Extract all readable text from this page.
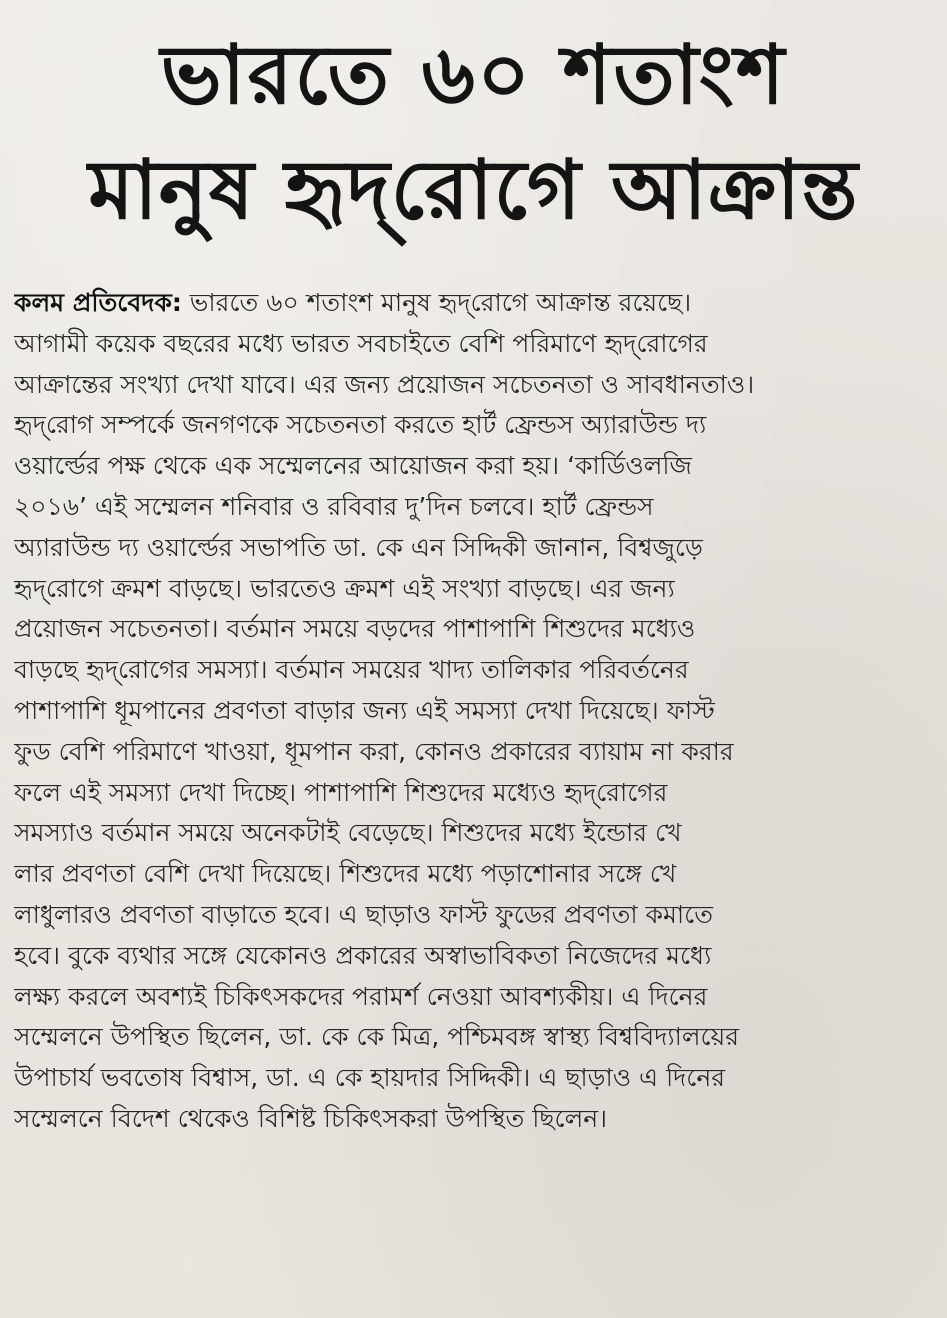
ভারতে ৬০ শতাংশ
মানুষ হৃদ্‌রোগে আক্রান্ত
কলম প্রতিবেদক: ভারতে ৬০ শতাংশ মানুষ হৃদ্‌রোগে আক্রান্ত রয়েছে।
আগামী কয়েক বছরের মধ্যে ভারত সবচাইতে বেশি পরিমাণে হৃদ্‌রোগের
আক্রান্তের সংখ্যা দেখা যাবে। এর জন্য প্রয়োজন সচেতনতা ও সাবধানতাও।
হৃদ্‌রোগ সম্পর্কে জনগণকে সচেতনতা করতে হার্ট ফ্রেন্ডস অ্যারাউন্ড দ্য
ওয়ার্ল্ডের পক্ষ থেকে এক সম্মেলনের আয়োজন করা হয়। ‘কার্ডিওলজি
২০১৬’ এই সম্মেলন শনিবার ও রবিবার দু’দিন চলবে। হার্ট ফ্রেন্ডস
অ্যারাউন্ড দ্য ওয়ার্ল্ডের সভাপতি ডা. কে এন সিদ্দিকী জানান, বিশ্বজুড়ে
হৃদ্‌রোগে ক্রমশ বাড়ছে। ভারতেও ক্রমশ এই সংখ্যা বাড়ছে। এর জন্য
প্রয়োজন সচেতনতা। বর্তমান সময়ে বড়দের পাশাপাশি শিশুদের মধ্যেও
বাড়ছে হৃদ্‌রোগের সমস্যা। বর্তমান সময়ের খাদ্য তালিকার পরিবর্তনের
পাশাপাশি ধূমপানের প্রবণতা বাড়ার জন্য এই সমস্যা দেখা দিয়েছে। ফাস্ট
ফুড বেশি পরিমাণে খাওয়া, ধূমপান করা, কোনও প্রকারের ব্যায়াম না করার
ফলে এই সমস্যা দেখা দিচ্ছে। পাশাপাশি শিশুদের মধ্যেও হৃদ্‌রোগের
সমস্যাও বর্তমান সময়ে অনেকটাই বেড়েছে। শিশুদের মধ্যে ইন্ডোর খে
লার প্রবণতা বেশি দেখা দিয়েছে। শিশুদের মধ্যে পড়াশোনার সঙ্গে খে
লাধুলারও প্রবণতা বাড়াতে হবে। এ ছাড়াও ফাস্ট ফুডের প্রবণতা কমাতে
হবে। বুকে ব্যথার সঙ্গে যেকোনও প্রকারের অস্বাভাবিকতা নিজেদের মধ্যে
লক্ষ্য করলে অবশ্যই চিকিৎসকদের পরামর্শ নেওয়া আবশ্যকীয়। এ দিনের
সম্মেলনে উপস্থিত ছিলেন, ডা. কে কে মিত্র, পশ্চিমবঙ্গ স্বাস্থ্য বিশ্ববিদ্যালয়ের
উপাচার্য ভবতোষ বিশ্বাস, ডা. এ কে হায়দার সিদ্দিকী। এ ছাড়াও এ দিনের
সম্মেলনে বিদেশ থেকেও বিশিষ্ট চিকিৎসকরা উপস্থিত ছিলেন।
